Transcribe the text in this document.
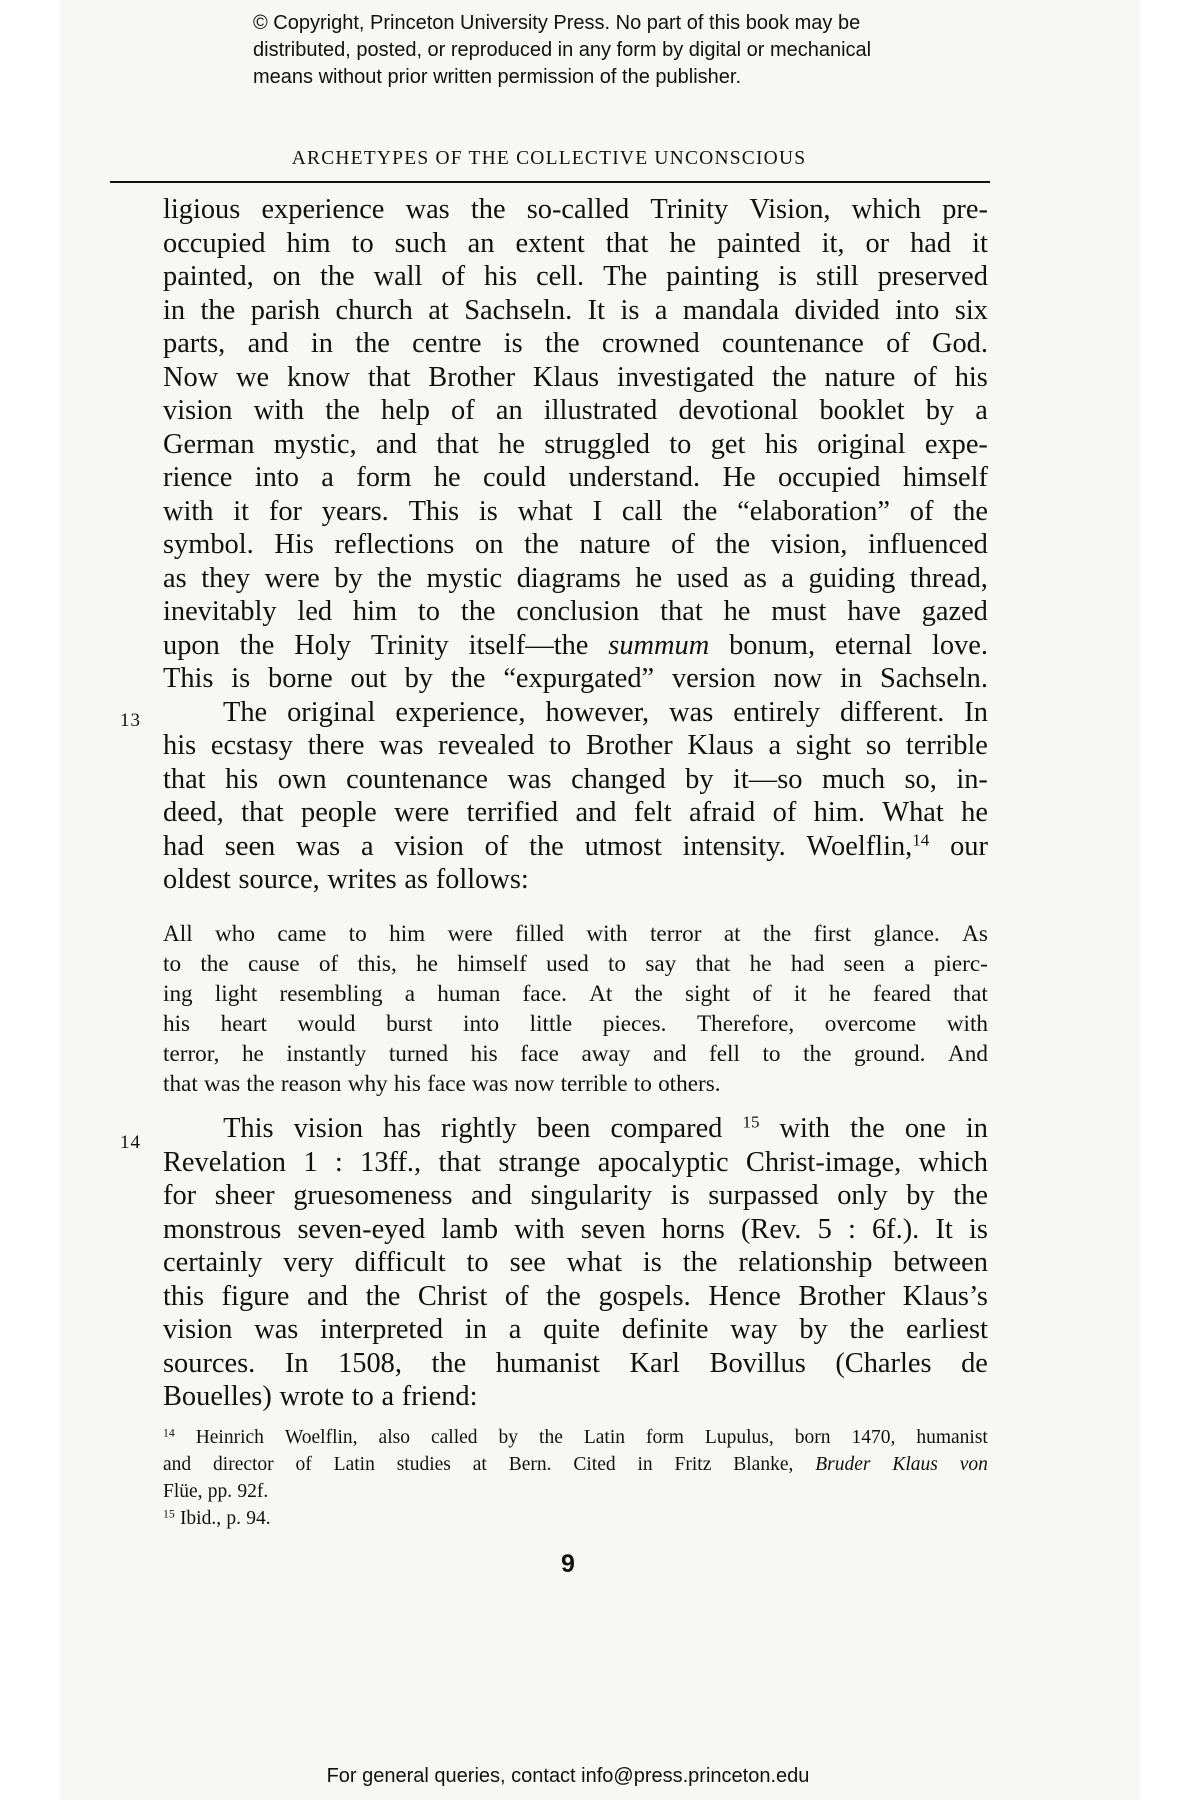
© Copyright, Princeton University Press. No part of this book may be
distributed, posted, or reproduced in any form by digital or mechanical
means without prior written permission of the publisher.
ARCHETYPES OF THE COLLECTIVE UNCONSCIOUS
13
14
ligious experience was the so-called Trinity Vision, which pre-
occupied him to such an extent that he painted it, or had it
painted, on the wall of his cell. The painting is still preserved
in the parish church at Sachseln. It is a mandala divided into six
parts, and in the centre is the crowned countenance of God.
Now we know that Brother Klaus investigated the nature of his
vision with the help of an illustrated devotional booklet by a
German mystic, and that he struggled to get his original expe-
rience into a form he could understand. He occupied himself
with it for years. This is what I call the “elaboration” of the
symbol. His reflections on the nature of the vision, influenced
as they were by the mystic diagrams he used as a guiding thread,
inevitably led him to the conclusion that he must have gazed
upon the Holy Trinity itself—the summum bonum, eternal love.
This is borne out by the “expurgated” version now in Sachseln.
The original experience, however, was entirely different. In
his ecstasy there was revealed to Brother Klaus a sight so terrible
that his own countenance was changed by it—so much so, in-
deed, that people were terrified and felt afraid of him. What he
had seen was a vision of the utmost intensity. Woelflin,$^{14}$ our
oldest source, writes as follows:
All who came to him were filled with terror at the first glance. As
to the cause of this, he himself used to say that he had seen a pierc-
ing light resembling a human face. At the sight of it he feared that
his heart would burst into little pieces. Therefore, overcome with
terror, he instantly turned his face away and fell to the ground. And
that was the reason why his face was now terrible to others.
This vision has rightly been compared $^{15}$ with the one in
Revelation 1 : 13ff., that strange apocalyptic Christ-image, which
for sheer gruesomeness and singularity is surpassed only by the
monstrous seven-eyed lamb with seven horns (Rev. 5 : 6f.). It is
certainly very difficult to see what is the relationship between
this figure and the Christ of the gospels. Hence Brother Klaus’s
vision was interpreted in a quite definite way by the earliest
sources. In 1508, the humanist Karl Bovillus (Charles de
Bouelles) wrote to a friend:
$^{14}$ Heinrich Woelflin, also called by the Latin form Lupulus, born 1470, humanist
and director of Latin studies at Bern. Cited in Fritz Blanke, Bruder Klaus von
Flüe, pp. 92f.
$^{15}$ Ibid., p. 94.
9
For general queries, contact info@press.princeton.edu
